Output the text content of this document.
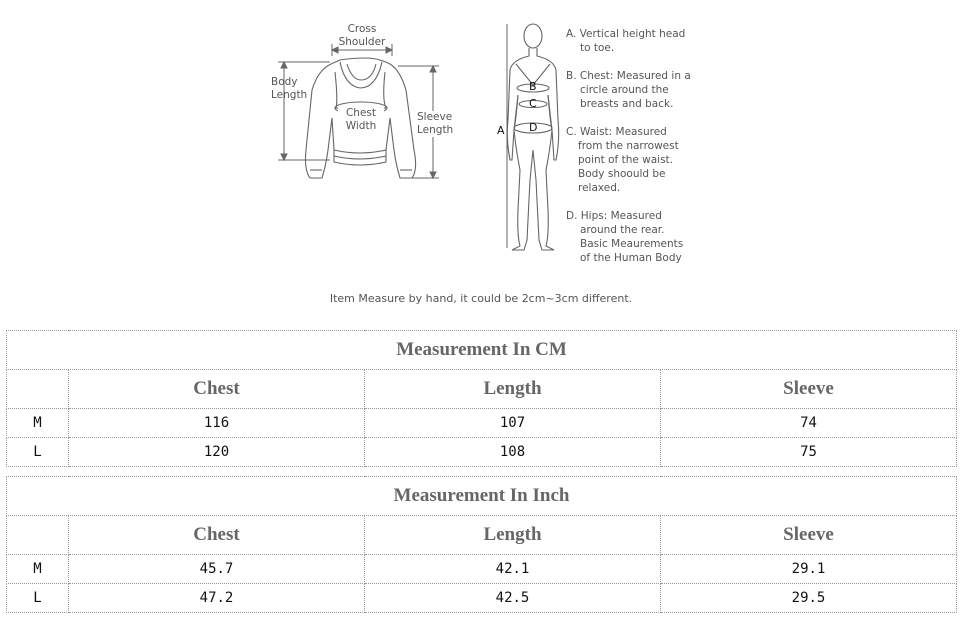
Cross
Shoulder
Body
Length
Chest
Width
Sleeve
Length	A
B
C
D
A. Vertical height head
to toe.
B. Chest: Measured in a
circle around the
breasts and back.
C. Waist: Measured
from the narrowest
point of the waist.
Body shoould be
relaxed.
D. Hips: Measured
around the rear.
Basic Meaurements
of the Human Body
Item Measure by hand, it could be 2cm~3cm different.
Measurement In CM			
	Chest	Length	Sleeve
M	116	107	74
L	120	108	75
Measurement In Inch			
	Chest	Length	Sleeve
M	45.7	42.1	29.1
L	47.2	42.5	29.5
